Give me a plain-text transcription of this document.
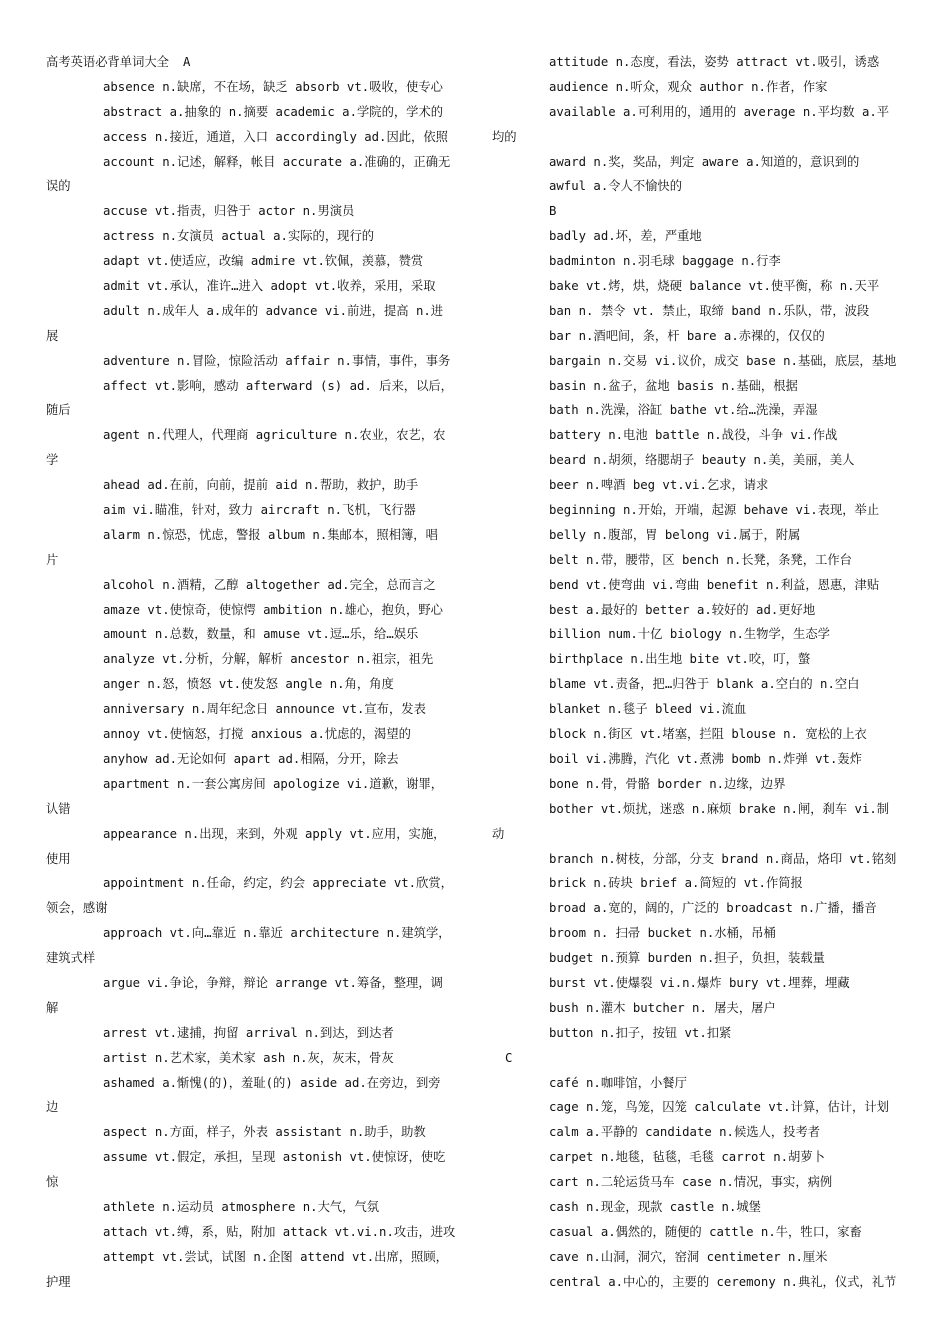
高考英语必背单词大全 A
absence n.缺席，不在场，缺乏 absorb vt.吸收，使专心
abstract a.抽象的 n.摘要 academic a.学院的，学术的
access n.接近，通道，入口 accordingly ad.因此，依照
account n.记述，解释，帐目 accurate a.准确的，正确无
误的
accuse vt.指责，归咎于 actor n.男演员
actress n.女演员 actual a.实际的，现行的
adapt vt.使适应，改编 admire vt.钦佩，羡慕，赞赏
admit vt.承认，准许…进入 adopt vt.收养，采用，采取
adult n.成年人 a.成年的 advance vi.前进，提高 n.进
展
adventure n.冒险，惊险活动 affair n.事情，事件，事务
affect vt.影响，感动 afterward (s) ad. 后来，以后，
随后
agent n.代理人，代理商 agriculture n.农业，农艺，农
学
ahead ad.在前，向前，提前 aid n.帮助，救护，助手
aim vi.瞄准，针对，致力 aircraft n.飞机，飞行器
alarm n.惊恐，忧虑，警报 album n.集邮本，照相簿，唱
片
alcohol n.酒精，乙醇 altogether ad.完全，总而言之
amaze vt.使惊奇，使惊愕 ambition n.雄心，抱负，野心
amount n.总数，数量，和 amuse vt.逗…乐，给…娱乐
analyze vt.分析，分解，解析 ancestor n.祖宗，祖先
anger n.怒，愤怒 vt.使发怒 angle n.角，角度
anniversary n.周年纪念日 announce vt.宣布，发表
annoy vt.使恼怒，打搅 anxious a.忧虑的，渴望的
anyhow ad.无论如何 apart ad.相隔，分开，除去
apartment n.一套公寓房间 apologize vi.道歉，谢罪，
认错
appearance n.出现，来到，外观 apply vt.应用，实施，
使用
appointment n.任命，约定，约会 appreciate vt.欣赏，
领会，感谢
approach vt.向…靠近 n.靠近 architecture n.建筑学，
建筑式样
argue vi.争论，争辩，辩论 arrange vt.筹备，整理，调
解
arrest vt.逮捕，拘留 arrival n.到达，到达者
artist n.艺术家，美术家 ash n.灰，灰末，骨灰
ashamed a.惭愧(的)，羞耻(的) aside ad.在旁边，到旁
边
aspect n.方面，样子，外表 assistant n.助手，助教
assume vt.假定，承担，呈现 astonish vt.使惊讶，使吃
惊
athlete n.运动员 atmosphere n.大气，气氛
attach vt.缚，系，贴，附加 attack vt.vi.n.攻击，进攻
attempt vt.尝试，试图 n.企图 attend vt.出席，照顾，
护理
attitude n.态度，看法，姿势 attract vt.吸引，诱惑
audience n.听众，观众 author n.作者，作家
available a.可利用的，通用的 average n.平均数 a.平
均的
award n.奖，奖品，判定 aware a.知道的，意识到的
awful a.令人不愉快的
B
badly ad.坏，差，严重地
badminton n.羽毛球 baggage n.行李
bake vt.烤，烘，烧硬 balance vt.使平衡，称 n.天平
ban n. 禁令 vt. 禁止，取缔 band n.乐队，带，波段
bar n.酒吧间，条，杆 bare a.赤裸的，仅仅的
bargain n.交易 vi.议价，成交 base n.基础，底层，基地
basin n.盆子，盆地 basis n.基础，根据
bath n.洗澡，浴缸 bathe vt.给…洗澡，弄湿
battery n.电池 battle n.战役，斗争 vi.作战
beard n.胡须，络腮胡子 beauty n.美，美丽，美人
beer n.啤酒 beg vt.vi.乞求，请求
beginning n.开始，开端，起源 behave vi.表现，举止
belly n.腹部，胃 belong vi.属于，附属
belt n.带，腰带，区 bench n.长凳，条凳，工作台
bend vt.使弯曲 vi.弯曲 benefit n.利益，恩惠，津贴
best a.最好的 better a.较好的 ad.更好地
billion num.十亿 biology n.生物学，生态学
birthplace n.出生地 bite vt.咬，叮，螫
blame vt.责备，把…归咎于 blank a.空白的 n.空白
blanket n.毯子 bleed vi.流血
block n.街区 vt.堵塞，拦阻 blouse n. 宽松的上衣
boil vi.沸腾，汽化 vt.煮沸 bomb n.炸弹 vt.轰炸
bone n.骨，骨骼 border n.边缘，边界
bother vt.烦扰，迷惑 n.麻烦 brake n.闸，刹车 vi.制
动
branch n.树枝，分部，分支 brand n.商品，烙印 vt.铭刻
brick n.砖块 brief a.简短的 vt.作简报
broad a.宽的，阔的，广泛的 broadcast n.广播，播音
broom n. 扫帚 bucket n.水桶，吊桶
budget n.预算 burden n.担子，负担，装载量
burst vt.使爆裂 vi.n.爆炸 bury vt.埋葬，埋藏
bush n.灌木 butcher n. 屠夫，屠户
button n.扣子，按钮 vt.扣紧
C
café n.咖啡馆，小餐厅
cage n.笼，鸟笼，囚笼 calculate vt.计算，估计，计划
calm a.平静的 candidate n.候选人，投考者
carpet n.地毯，毡毯，毛毯 carrot n.胡萝卜
cart n.二轮运货马车 case n.情况，事实，病例
cash n.现金，现款 castle n.城堡
casual a.偶然的，随便的 cattle n.牛，牲口，家畜
cave n.山洞，洞穴，窑洞 centimeter n.厘米
central a.中心的，主要的 ceremony n.典礼，仪式，礼节
